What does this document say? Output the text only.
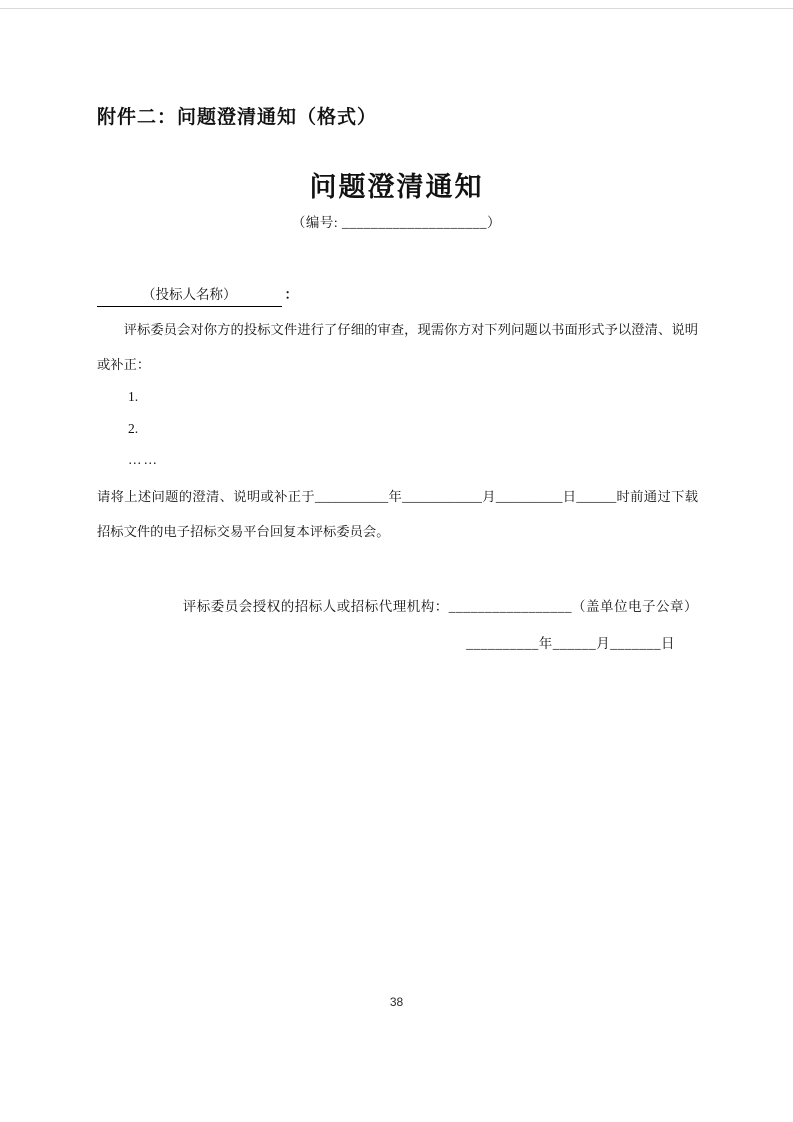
附件二：问题澄清通知（格式）
问题澄清通知
（编号: ____________________）
（投标人名称）	：
评标委员会对你方的投标文件进行了仔细的审查，现需你方对下列问题以书面形式予以澄清、说明或补正：
1.
2.
……
请将上述问题的澄清、说明或补正于___________年____________月__________日______时前通过下载招标文件的电子招标交易平台回复本评标委员会。
评标委员会授权的招标人或招标代理机构：_________________（盖单位电子公章）
__________年______月_______日
38
